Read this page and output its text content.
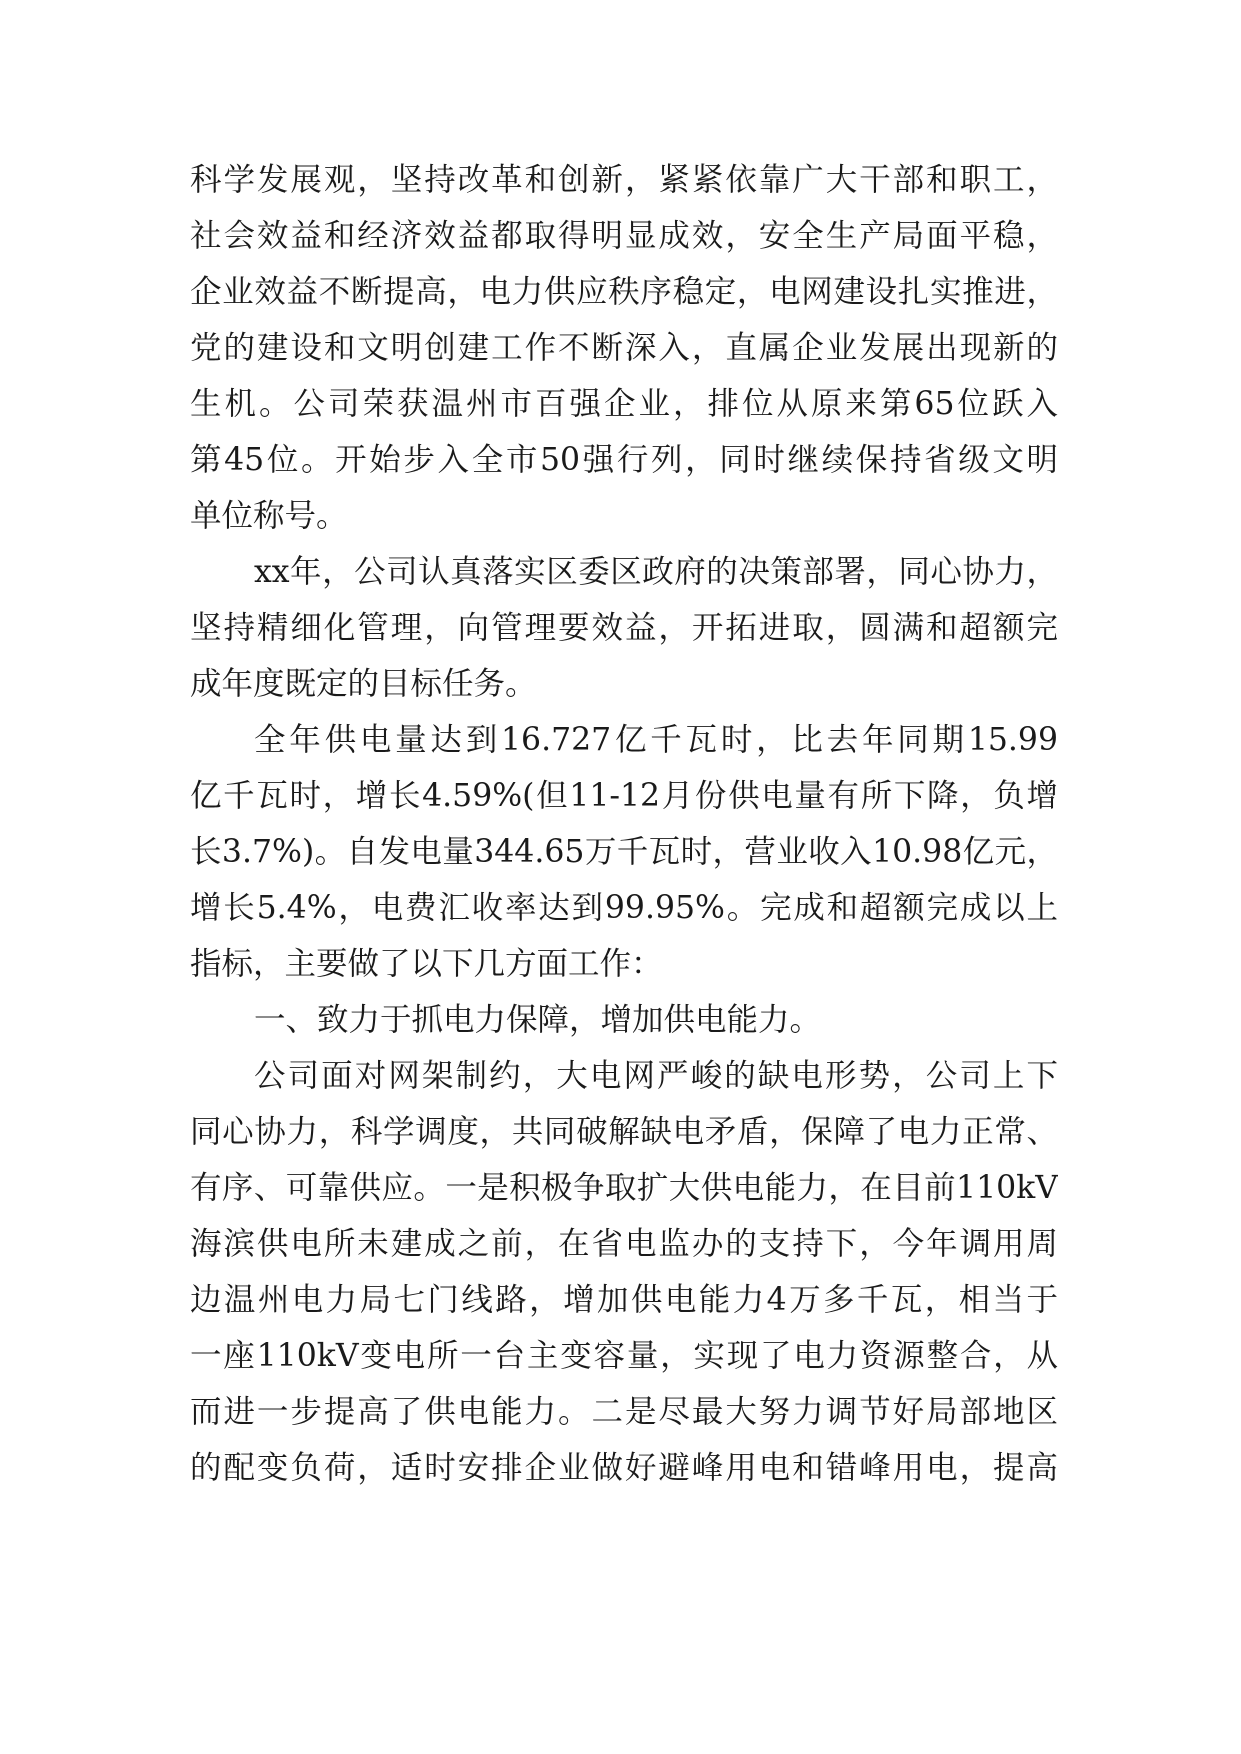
科学发展观，坚持改革和创新，紧紧依靠广大干部和职工，
社会效益和经济效益都取得明显成效，安全生产局面平稳，
企业效益不断提高，电力供应秩序稳定，电网建设扎实推进，
党的建设和文明创建工作不断深入，直属企业发展出现新的
生机。公司荣获温州市百强企业，排位从原来第65位跃入
第45位。开始步入全市50强行列，同时继续保持省级文明
单位称号。
xx年，公司认真落实区委区政府的决策部署，同心协力，
坚持精细化管理，向管理要效益，开拓进取，圆满和超额完
成年度既定的目标任务。
全年供电量达到16.727亿千瓦时，比去年同期15.99
亿千瓦时，增长4.59%(但11-12月份供电量有所下降，负增
长3.7%)。自发电量344.65万千瓦时，营业收入10.98亿元，
增长5.4%，电费汇收率达到99.95%。完成和超额完成以上
指标，主要做了以下几方面工作：
一、致力于抓电力保障，增加供电能力。
公司面对网架制约，大电网严峻的缺电形势，公司上下
同心协力，科学调度，共同破解缺电矛盾，保障了电力正常、
有序、可靠供应。一是积极争取扩大供电能力，在目前110kV
海滨供电所未建成之前，在省电监办的支持下，今年调用周
边温州电力局七门线路，增加供电能力4万多千瓦，相当于
一座110kV变电所一台主变容量，实现了电力资源整合，从
而进一步提高了供电能力。二是尽最大努力调节好局部地区
的配变负荷，适时安排企业做好避峰用电和错峰用电，提高
